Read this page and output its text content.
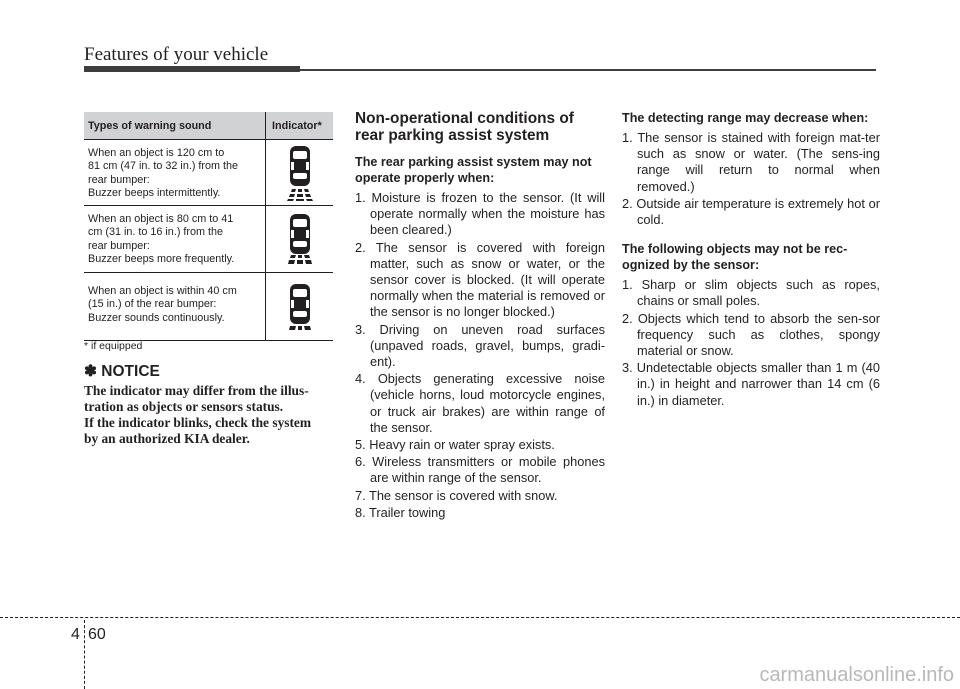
Features of your vehicle
Types of warning sound	Indicator*
When an object is 120 cm to
81 cm (47 in. to 32 in.) from the
rear bumper:
Buzzer beeps intermittently.
When an object is 80 cm to 41
cm (31 in. to 16 in.) from the
rear bumper:
Buzzer beeps more frequently.
When an object is within 40 cm
(15 in.) of the rear bumper:
Buzzer sounds continuously.
* if equipped
✽ NOTICE
The indicator may differ from the illus-
tration as objects or sensors status.
If the indicator blinks, check the system
by an authorized KIA dealer.
Non-operational conditions of rear parking assist system
The rear parking assist system may not operate properly when:
1. Moisture is frozen to the sensor. (It will operate normally when the moisture has been cleared.)
2. The sensor is covered with foreign matter, such as snow or water, or the sensor cover is blocked. (It will operate normally when the material is removed or the sensor is no longer blocked.)
3. Driving on uneven road surfaces (unpaved roads, gravel, bumps, gradi-ent).
4. Objects generating excessive noise (vehicle horns, loud motorcycle engines, or truck air brakes) are within range of the sensor.
5. Heavy rain or water spray exists.
6. Wireless transmitters or mobile phones are within range of the sensor.
7. The sensor is covered with snow.
8. Trailer towing
The detecting range may decrease when:
1. The sensor is stained with foreign mat-ter such as snow or water. (The sens-ing range will return to normal when removed.)
2. Outside air temperature is extremely hot or cold.
The following objects may not be rec-ognized by the sensor:
1. Sharp or slim objects such as ropes, chains or small poles.
2. Objects which tend to absorb the sen-sor frequency such as clothes, spongy material or snow.
3. Undetectable objects smaller than 1 m (40 in.) in height and narrower than 14 cm (6 in.) in diameter.
4 60
carmanualsonline.info
